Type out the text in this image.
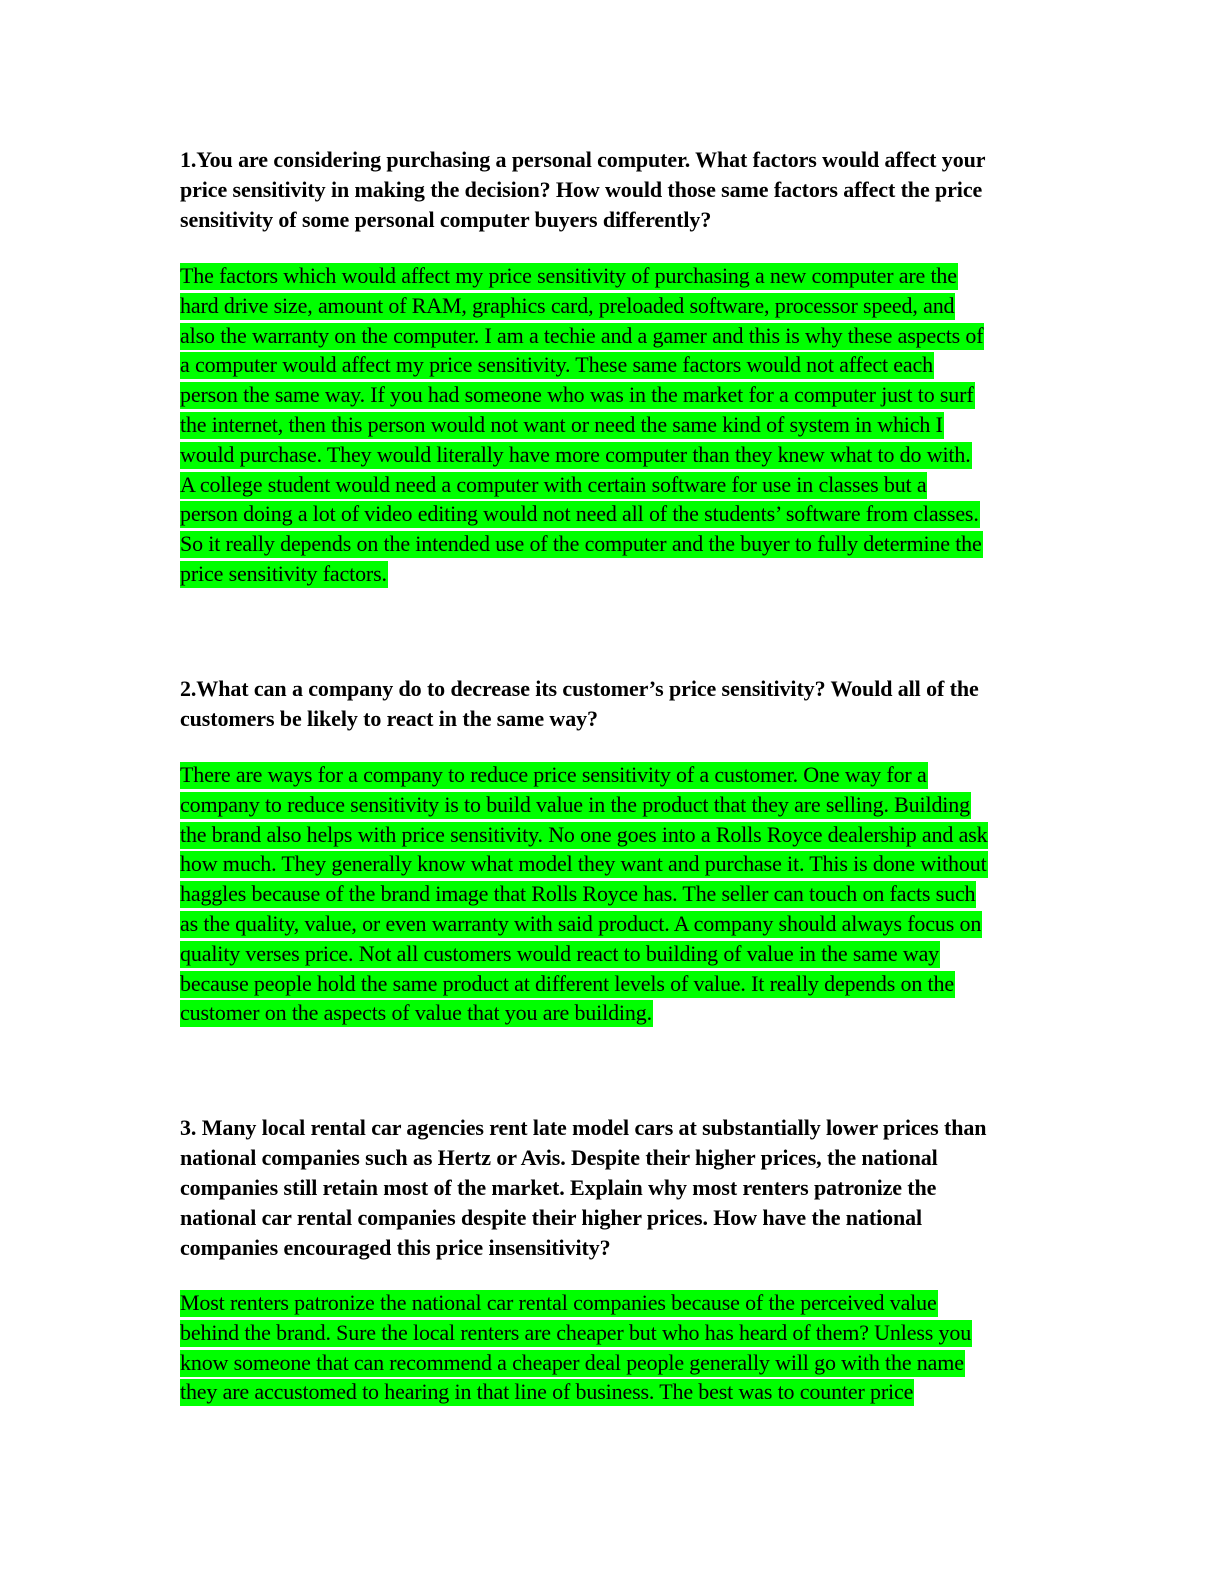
1.You are considering purchasing a personal computer. What factors would affect your
price sensitivity in making the decision? How would those same factors affect the price
sensitivity of some personal computer buyers differently?
The factors which would affect my price sensitivity of purchasing a new computer are the
hard drive size, amount of RAM, graphics card, preloaded software, processor speed, and
also the warranty on the computer. I am a techie and a gamer and this is why these aspects of
a computer would affect my price sensitivity. These same factors would not affect each
person the same way. If you had someone who was in the market for a computer just to surf
the internet, then this person would not want or need the same kind of system in which I
would purchase. They would literally have more computer than they knew what to do with.
A college student would need a computer with certain software for use in classes but a
person doing a lot of video editing would not need all of the students’ software from classes.
So it really depends on the intended use of the computer and the buyer to fully determine the
price sensitivity factors.
2.What can a company do to decrease its customer’s price sensitivity? Would all of the
customers be likely to react in the same way?
There are ways for a company to reduce price sensitivity of a customer. One way for a
company to reduce sensitivity is to build value in the product that they are selling. Building
the brand also helps with price sensitivity. No one goes into a Rolls Royce dealership and ask
how much. They generally know what model they want and purchase it. This is done without
haggles because of the brand image that Rolls Royce has. The seller can touch on facts such
as the quality, value, or even warranty with said product. A company should always focus on
quality verses price. Not all customers would react to building of value in the same way
because people hold the same product at different levels of value. It really depends on the
customer on the aspects of value that you are building.
3. Many local rental car agencies rent late model cars at substantially lower prices than
national companies such as Hertz or Avis. Despite their higher prices, the national
companies still retain most of the market. Explain why most renters patronize the
national car rental companies despite their higher prices. How have the national
companies encouraged this price insensitivity?
Most renters patronize the national car rental companies because of the perceived value
behind the brand. Sure the local renters are cheaper but who has heard of them? Unless you
know someone that can recommend a cheaper deal people generally will go with the name
they are accustomed to hearing in that line of business. The best was to counter price
